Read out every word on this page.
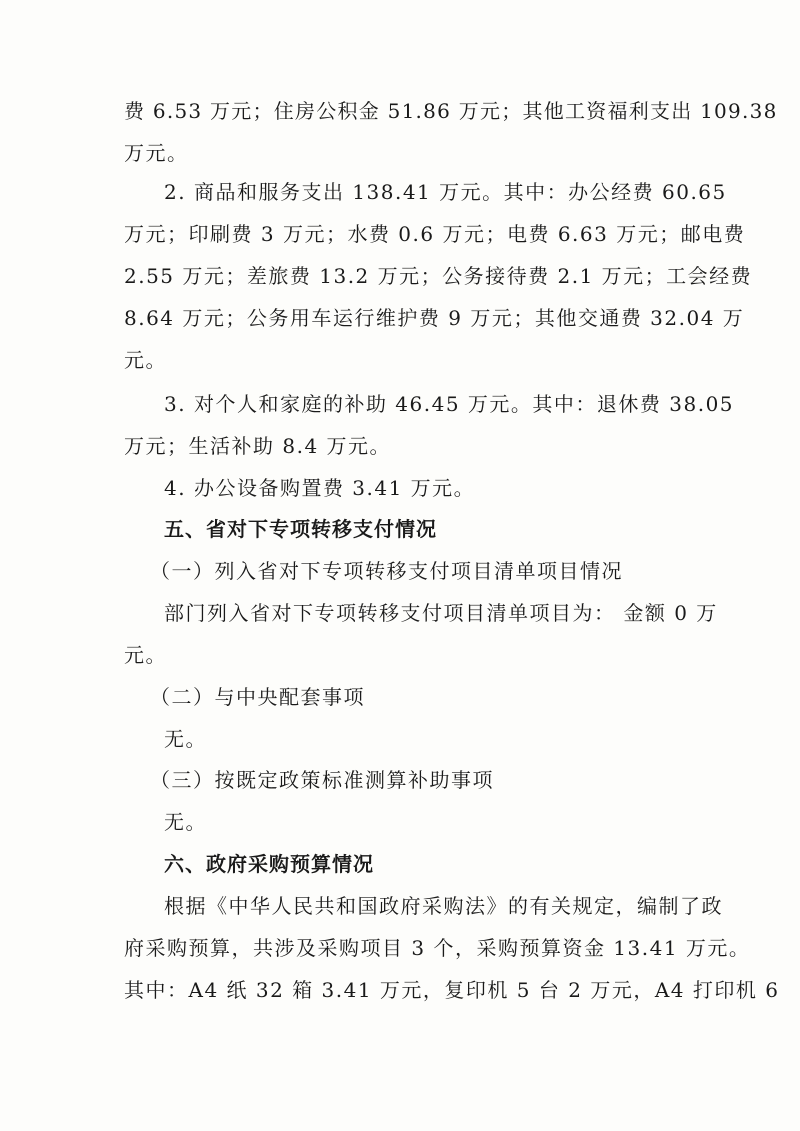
费 6.53 万元；住房公积金 51.86 万元；其他工资福利支出 109.38
万元。
2. 商品和服务支出 138.41 万元。其中：办公经费 60.65
万元；印刷费 3 万元；水费 0.6 万元；电费 6.63 万元；邮电费
2.55 万元；差旅费 13.2 万元；公务接待费 2.1 万元；工会经费
8.64 万元；公务用车运行维护费 9 万元；其他交通费 32.04 万
元。
3. 对个人和家庭的补助 46.45 万元。其中：退休费 38.05
万元；生活补助 8.4 万元。
4. 办公设备购置费 3.41 万元。
五、省对下专项转移支付情况
（一）列入省对下专项转移支付项目清单项目情况
部门列入省对下专项转移支付项目清单项目为： 金额 0 万
元。
（二）与中央配套事项
无。
（三）按既定政策标准测算补助事项
无。
六、政府采购预算情况
根据《中华人民共和国政府采购法》的有关规定，编制了政
府采购预算，共涉及采购项目 3 个，采购预算资金 13.41 万元。
其中：A4 纸 32 箱 3.41 万元，复印机 5 台 2 万元，A4 打印机 6
